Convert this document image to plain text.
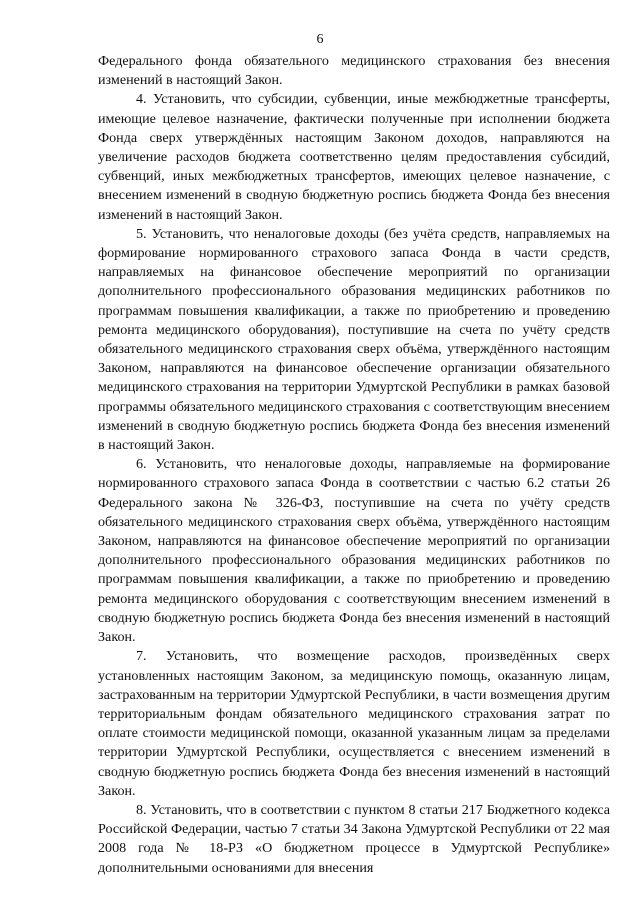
6

Федерального фонда обязательного медицинского страхования без внесения изменений в настоящий Закон.

4. Установить, что субсидии, субвенции, иные межбюджетные трансферты, имеющие целевое назначение, фактически полученные при исполнении бюджета Фонда сверх утверждённых настоящим Законом доходов, направляются на увеличение расходов бюджета соответственно целям предоставления субсидий, субвенций, иных межбюджетных трансфертов, имеющих целевое назначение, с внесением изменений в сводную бюджетную роспись бюджета Фонда без внесения изменений в настоящий Закон.

5. Установить, что неналоговые доходы (без учёта средств, направляемых на формирование нормированного страхового запаса Фонда в части средств, направляемых на финансовое обеспечение мероприятий по организации дополнительного профессионального образования медицинских работников по программам повышения квалификации, а также по приобретению и проведению ремонта медицинского оборудования), поступившие на счета по учёту средств обязательного медицинского страхования сверх объёма, утверждённого настоящим Законом, направляются на финансовое обеспечение организации обязательного медицинского страхования на территории Удмуртской Республики в рамках базовой программы обязательного медицинского страхования с соответствующим внесением изменений в сводную бюджетную роспись бюджета Фонда без внесения изменений в настоящий Закон.

6. Установить, что неналоговые доходы, направляемые на формирование нормированного страхового запаса Фонда в соответствии с частью 6.2 статьи 26 Федерального закона № 326-ФЗ, поступившие на счета по учёту средств обязательного медицинского страхования сверх объёма, утверждённого настоящим Законом, направляются на финансовое обеспечение мероприятий по организации дополнительного профессионального образования медицинских работников по программам повышения квалификации, а также по приобретению и проведению ремонта медицинского оборудования с соответствующим внесением изменений в сводную бюджетную роспись бюджета Фонда без внесения изменений в настоящий Закон.

7. Установить, что возмещение расходов, произведённых сверх установленных настоящим Законом, за медицинскую помощь, оказанную лицам, застрахованным на территории Удмуртской Республики, в части возмещения другим территориальным фондам обязательного медицинского страхования затрат по оплате стоимости медицинской помощи, оказанной указанным лицам за пределами территории Удмуртской Республики, осуществляется с внесением изменений в сводную бюджетную роспись бюджета Фонда без внесения изменений в настоящий Закон.

8. Установить, что в соответствии с пунктом 8 статьи 217 Бюджетного кодекса Российской Федерации, частью 7 статьи 34 Закона Удмуртской Республики от 22 мая 2008 года № 18-РЗ «О бюджетном процессе в Удмуртской Республике» дополнительными основаниями для внесения
